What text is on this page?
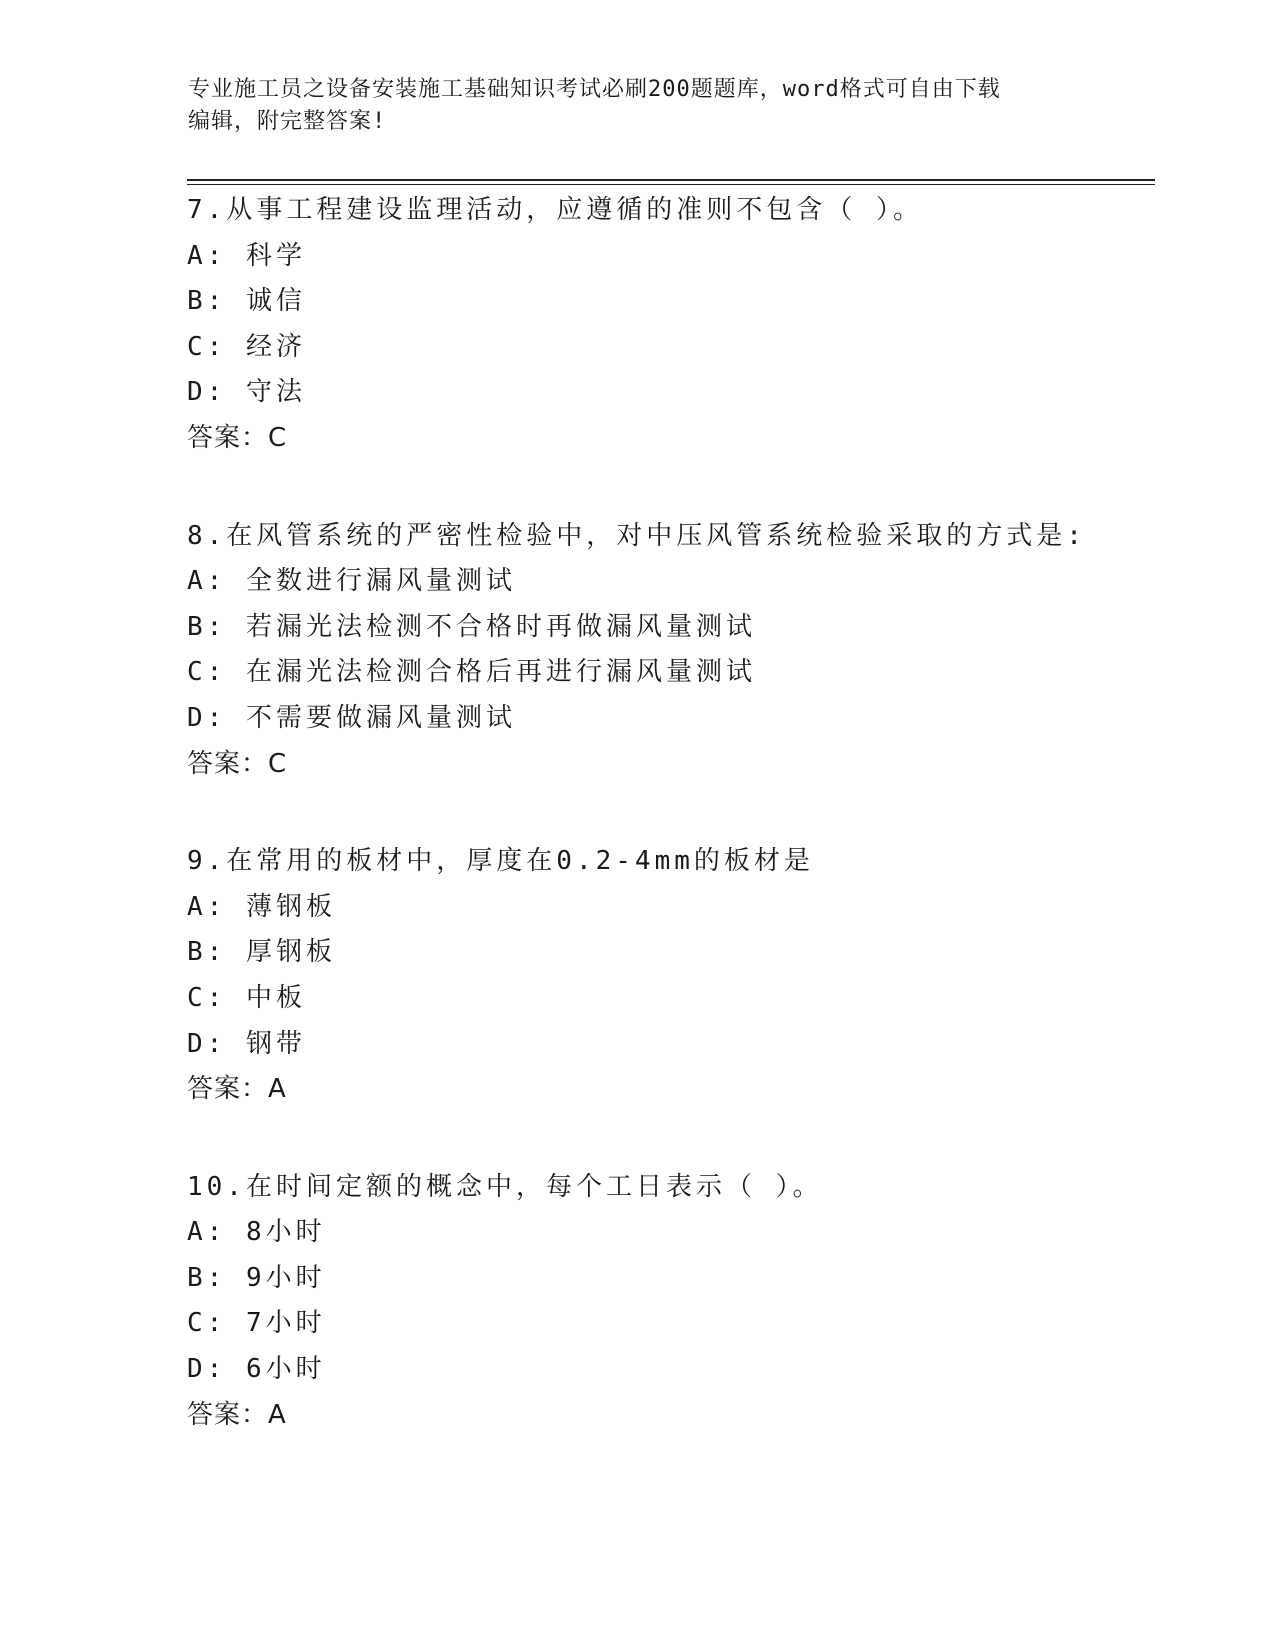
专业施工员之设备安装施工基础知识考试必刷200题题库，word格式可自由下载
编辑，附完整答案!
7.从事工程建设监理活动，应遵循的准则不包含（ ）。
A: 科学
B: 诚信
C: 经济
D: 守法
答案：C
8.在风管系统的严密性检验中，对中压风管系统检验采取的方式是:
A: 全数进行漏风量测试
B: 若漏光法检测不合格时再做漏风量测试
C: 在漏光法检测合格后再进行漏风量测试
D: 不需要做漏风量测试
答案：C
9.在常用的板材中，厚度在0.2-4mm的板材是
A: 薄钢板
B: 厚钢板
C: 中板
D: 钢带
答案：A
10.在时间定额的概念中，每个工日表示（ ）。
A: 8小时
B: 9小时
C: 7小时
D: 6小时
答案：A
